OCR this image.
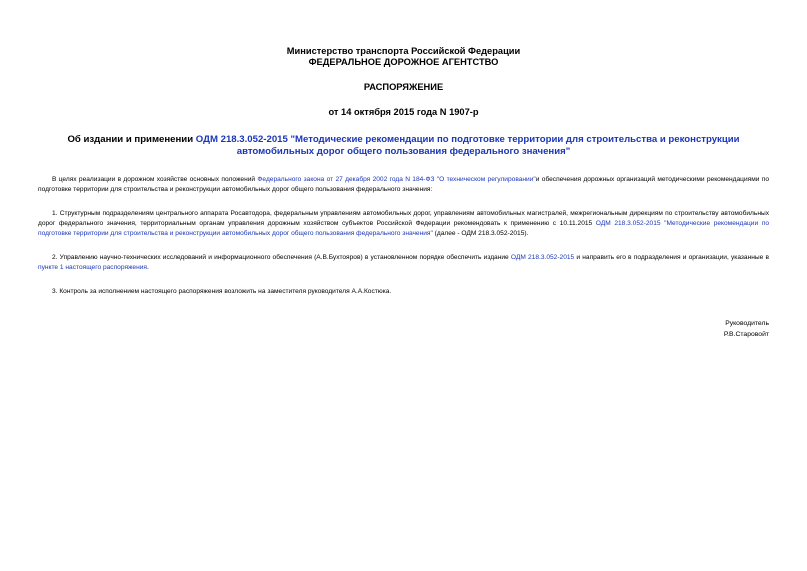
Министерство транспорта Российской Федерации
ФЕДЕРАЛЬНОЕ ДОРОЖНОЕ АГЕНТСТВО
РАСПОРЯЖЕНИЕ
от 14 октября 2015 года N 1907-р
Об издании и применении ОДМ 218.3.052-2015 "Методические рекомендации по подготовке территории для строительства и реконструкции автомобильных дорог общего пользования федерального значения"

В целях реализации в дорожном хозяйстве основных положений Федерального закона от 27 декабря 2002 года N 184-ФЗ "О техническом регулировании"и обеспечения дорожных организаций методическими рекомендациями по подготовке территории для строительства и реконструкции автомобильных дорог общего пользования федерального значения:

1. Структурным подразделениям центрального аппарата Росавтодора, федеральным управлениям автомобильных дорог, управлениям автомобильных магистралей, межрегиональным дирекциям по строительству автомобильных дорог федерального значения, территориальным органам управления дорожным хозяйством субъектов Российской Федерации рекомендовать к применению с 10.11.2015 ОДМ 218.3.052-2015 "Методические рекомендации по подготовке территории для строительства и реконструкции автомобильных дорог общего пользования федерального значения" (далее - ОДМ 218.3.052-2015).

2. Управлению научно-технических исследований и информационного обеспечения (А.В.Бухтояров) в установленном порядке обеспечить издание ОДМ 218.3.052-2015 и направить его в подразделения и организации, указанные в пункте 1 настоящего распоряжения.

3. Контроль за исполнением настоящего распоряжения возложить на заместителя руководителя А.А.Костюка.

Руководитель
Р.В.Старовойт
